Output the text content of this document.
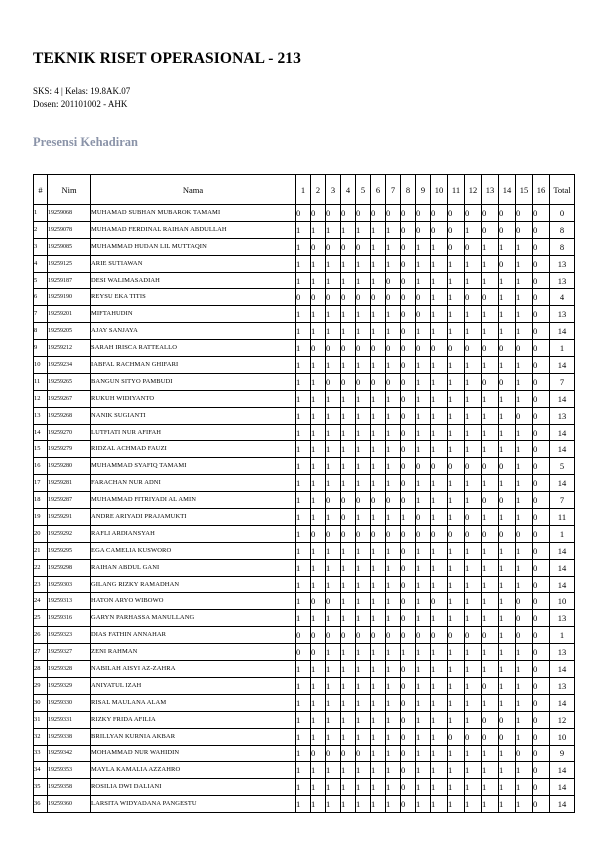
TEKNIK RISET OPERASIONAL - 213
SKS: 4 | Kelas: 19.8AK.07
Dosen: 201101002 - AHK
Presensi Kehadiran
#	Nim	Nama	1	2	3	4	5	6	7	8	9	10	11	12	13	14	15	16	Total
1	19259068	MUHAMAD SUBHAN MUBAROK TAMAMI	0	0	0	0	0	0	0	0	0	0	0	0	0	0	0	0	0
2	19259078	MUHAMAD FERDINAL RAIHAN ABDULLAH	1	1	1	1	1	1	1	0	0	0	0	1	0	0	0	0	8
3	19259085	MUHAMMAD HUDAN LIL MUTTAQIN	1	0	0	0	0	1	1	0	1	1	0	0	1	1	1	0	8
4	19259125	ARIE SUTIAWAN	1	1	1	1	1	1	1	0	1	1	1	1	1	0	1	0	13
5	19259187	DESI WALIMASADIAH	1	1	1	1	1	1	0	0	1	1	1	1	1	1	1	0	13
6	19259190	REYSU EKA TITIS	0	0	0	0	0	0	0	0	0	1	1	0	0	1	1	0	4
7	19259201	MIFTAHUDIN	1	1	1	1	1	1	1	0	0	1	1	1	1	1	1	0	13
8	19259205	AJAY SANJAYA	1	1	1	1	1	1	1	0	1	1	1	1	1	1	1	0	14
9	19259212	SARAH IRISCA RATTEALLO	1	0	0	0	0	0	0	0	0	0	0	0	0	0	0	0	1
10	19259234	IABFAL RACHMAN GHIFARI	1	1	1	1	1	1	1	0	1	1	1	1	1	1	1	0	14
11	19259265	BANGUN SITYO PAMBUDI	1	1	0	0	0	0	0	0	1	1	1	1	0	0	1	0	7
12	19259267	RUKUH WIDIYANTO	1	1	1	1	1	1	1	0	1	1	1	1	1	1	1	0	14
13	19259268	NANIK SUGIANTI	1	1	1	1	1	1	1	0	1	1	1	1	1	1	0	0	13
14	19259270	LUTFIATI NUR AFIFAH	1	1	1	1	1	1	1	0	1	1	1	1	1	1	1	0	14
15	19259279	RIDZAL ACHMAD FAUZI	1	1	1	1	1	1	1	0	1	1	1	1	1	1	1	0	14
16	19259280	MUHAMMAD SYAFIQ TAMAMI	1	1	1	1	1	1	1	0	0	0	0	0	0	0	1	0	5
17	19259281	FARACHAN NUR ADNI	1	1	1	1	1	1	1	0	1	1	1	1	1	1	1	0	14
18	19259287	MUHAMMAD FITRIYADI AL AMIN	1	1	0	0	0	0	0	0	1	1	1	1	0	0	1	0	7
19	19259291	ANDRE ARIYADI PRAJAMUKTI	1	1	1	0	1	1	1	1	0	1	1	0	1	1	1	0	11
20	19259292	RAFLI ARDIANSYAH	1	0	0	0	0	0	0	0	0	0	0	0	0	0	0	0	1
21	19259295	EGA CAMELIA KUSWORO	1	1	1	1	1	1	1	0	1	1	1	1	1	1	1	0	14
22	19259298	RAIHAN ABDUL GANI	1	1	1	1	1	1	1	0	1	1	1	1	1	1	1	0	14
23	19259303	GILANG RIZKY RAMADHAN	1	1	1	1	1	1	1	0	1	1	1	1	1	1	1	0	14
24	19259313	HATON ARYO WIBOWO	1	0	0	1	1	1	1	0	1	0	1	1	1	1	0	0	10
25	19259316	GARYN PARHASSA MANULLANG	1	1	1	1	1	1	1	0	1	1	1	1	1	1	0	0	13
26	19259323	DIAS FATHIN ANNAHAR	0	0	0	0	0	0	0	0	0	0	0	0	0	1	0	0	1
27	19259327	ZENI RAHMAN	0	0	1	1	1	1	1	1	1	1	1	1	1	1	1	0	13
28	19259328	NABILAH AISYI AZ-ZAHRA	1	1	1	1	1	1	1	0	1	1	1	1	1	1	1	0	14
29	19259329	ANIYATUL IZAH	1	1	1	1	1	1	1	0	1	1	1	1	0	1	1	0	13
30	19259330	RISAL MAULANA ALAM	1	1	1	1	1	1	1	0	1	1	1	1	1	1	1	0	14
31	19259331	RIZKY FRIDA AFILIA	1	1	1	1	1	1	1	0	1	1	1	1	0	0	1	0	12
32	19259338	BRILLYAN KURNIA AKBAR	1	1	1	1	1	1	1	0	1	1	0	0	0	0	1	0	10
33	19259342	MOHAMMAD NUR WAHIDIN	1	0	0	0	0	1	1	0	1	1	1	1	1	1	0	0	9
34	19259353	MAYLA KAMALIA AZZAHRO	1	1	1	1	1	1	1	0	1	1	1	1	1	1	1	0	14
35	19259358	ROSILIA DWI DALIANI	1	1	1	1	1	1	1	0	1	1	1	1	1	1	1	0	14
36	19259360	LARSITA WIDYADANA PANGESTU	1	1	1	1	1	1	1	0	1	1	1	1	1	1	1	0	14
